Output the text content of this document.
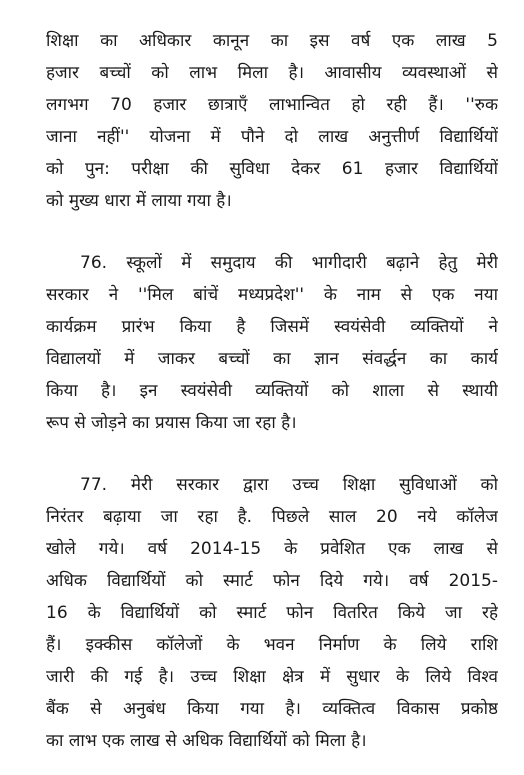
शिक्षा का अधिकार कानून का इस वर्ष एक लाख 5
हजार बच्चों को लाभ मिला है। आवासीय व्यवस्थाओं से
लगभग 70 हजार छात्राएँ लाभान्वित हो रही हैं। ''रुक
जाना नहीं'' योजना में पौने दो लाख अनुत्तीर्ण विद्यार्थियों
को पुन: परीक्षा की सुविधा देकर 61 हजार विद्यार्थियों
को मुख्य धारा में लाया गया है।
76. स्कूलों में समुदाय की भागीदारी बढ़ाने हेतु मेरी
सरकार ने ''मिल बांचें मध्यप्रदेश'' के नाम से एक नया
कार्यक्रम प्रारंभ किया है जिसमें स्वयंसेवी व्यक्तियों ने
विद्यालयों में जाकर बच्चों का ज्ञान संवर्द्धन का कार्य
किया है। इन स्वयंसेवी व्यक्तियों को शाला से स्थायी
रूप से जोड़ने का प्रयास किया जा रहा है।
77. मेरी सरकार द्वारा उच्च शिक्षा सुविधाओं को
निरंतर बढ़ाया जा रहा है. पिछले साल 20 नये कॉलेज
खोले गये। वर्ष 2014-15 के प्रवेशित एक लाख से
अधिक विद्यार्थियों को स्मार्ट फोन दिये गये। वर्ष 2015-
16 के विद्यार्थियों को स्मार्ट फोन वितरित किये जा रहे
हैं। इक्कीस कॉलेजों के भवन निर्माण के लिये राशि
जारी की गई है। उच्च शिक्षा क्षेत्र में सुधार के लिये विश्व
बैंक से अनुबंध किया गया है। व्यक्तित्व विकास प्रकोष्ठ
का लाभ एक लाख से अधिक विद्यार्थियों को मिला है।
